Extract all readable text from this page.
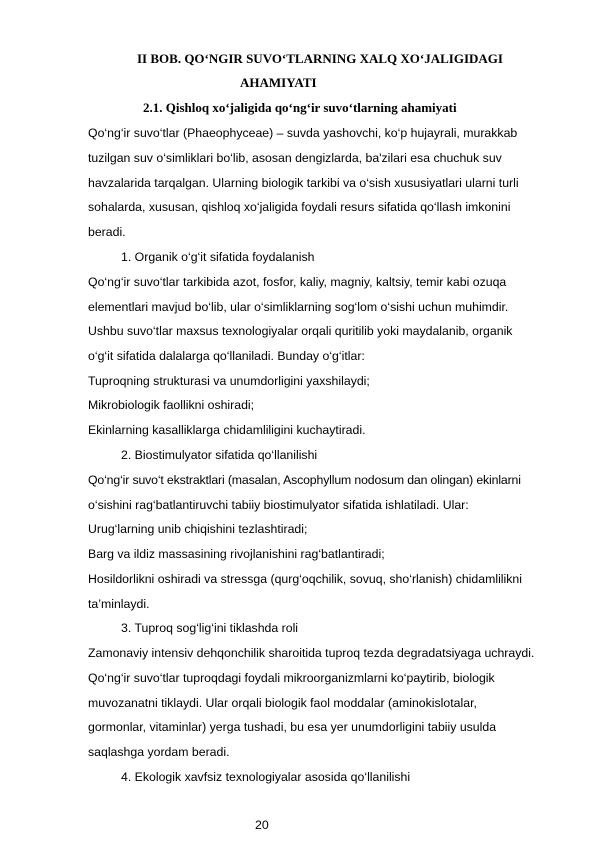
II BOB. QO‘NGIR SUVO‘TLARNING XALQ XO‘JALIGIDAGI
AHAMIYATI
2.1. Qishloq xo‘jaligida qo‘ng‘ir suvo‘tlarning ahamiyati
Qo‘ng‘ir suvo‘tlar (Phaeophyceae) – suvda yashovchi, ko‘p hujayrali, murakkab
tuzilgan suv o‘simliklari bo‘lib, asosan dengizlarda, ba'zilari esa chuchuk suv
havzalarida tarqalgan. Ularning biologik tarkibi va o‘sish xususiyatlari ularni turli
sohalarda, xususan, qishloq xo‘jaligida foydali resurs sifatida qo‘llash imkonini
beradi.
1. Organik o‘g‘it sifatida foydalanish
Qo‘ng‘ir suvo‘tlar tarkibida azot, fosfor, kaliy, magniy, kaltsiy, temir kabi ozuqa
elementlari mavjud bo‘lib, ular o‘simliklarning sog‘lom o‘sishi uchun muhimdir.
Ushbu suvo‘tlar maxsus texnologiyalar orqali quritilib yoki maydalanib, organik
o‘g‘it sifatida dalalarga qo‘llaniladi. Bunday o‘g‘itlar:
Tuproqning strukturasi va unumdorligini yaxshilaydi;
Mikrobiologik faollikni oshiradi;
Ekinlarning kasalliklarga chidamliligini kuchaytiradi.
2. Biostimulyator sifatida qo‘llanilishi
Qo‘ng‘ir suvo‘t ekstraktlari (masalan, Ascophyllum nodosum dan olingan) ekinlarni
o‘sishini rag‘batlantiruvchi tabiiy biostimulyator sifatida ishlatiladi. Ular:
Urug‘larning unib chiqishini tezlashtiradi;
Barg va ildiz massasining rivojlanishini rag‘batlantiradi;
Hosildorlikni oshiradi va stressga (qurg‘oqchilik, sovuq, sho‘rlanish) chidamlilikni
ta’minlaydi.
3. Tuproq sog‘lig‘ini tiklashda roli
Zamonaviy intensiv dehqonchilik sharoitida tuproq tezda degradatsiyaga uchraydi.
Qo‘ng‘ir suvo‘tlar tuproqdagi foydali mikroorganizmlarni ko‘paytirib, biologik
muvozanatni tiklaydi. Ular orqali biologik faol moddalar (aminokislotalar,
gormonlar, vitaminlar) yerga tushadi, bu esa yer unumdorligini tabiiy usulda
saqlashga yordam beradi.
4. Ekologik xavfsiz texnologiyalar asosida qo‘llanilishi
20
